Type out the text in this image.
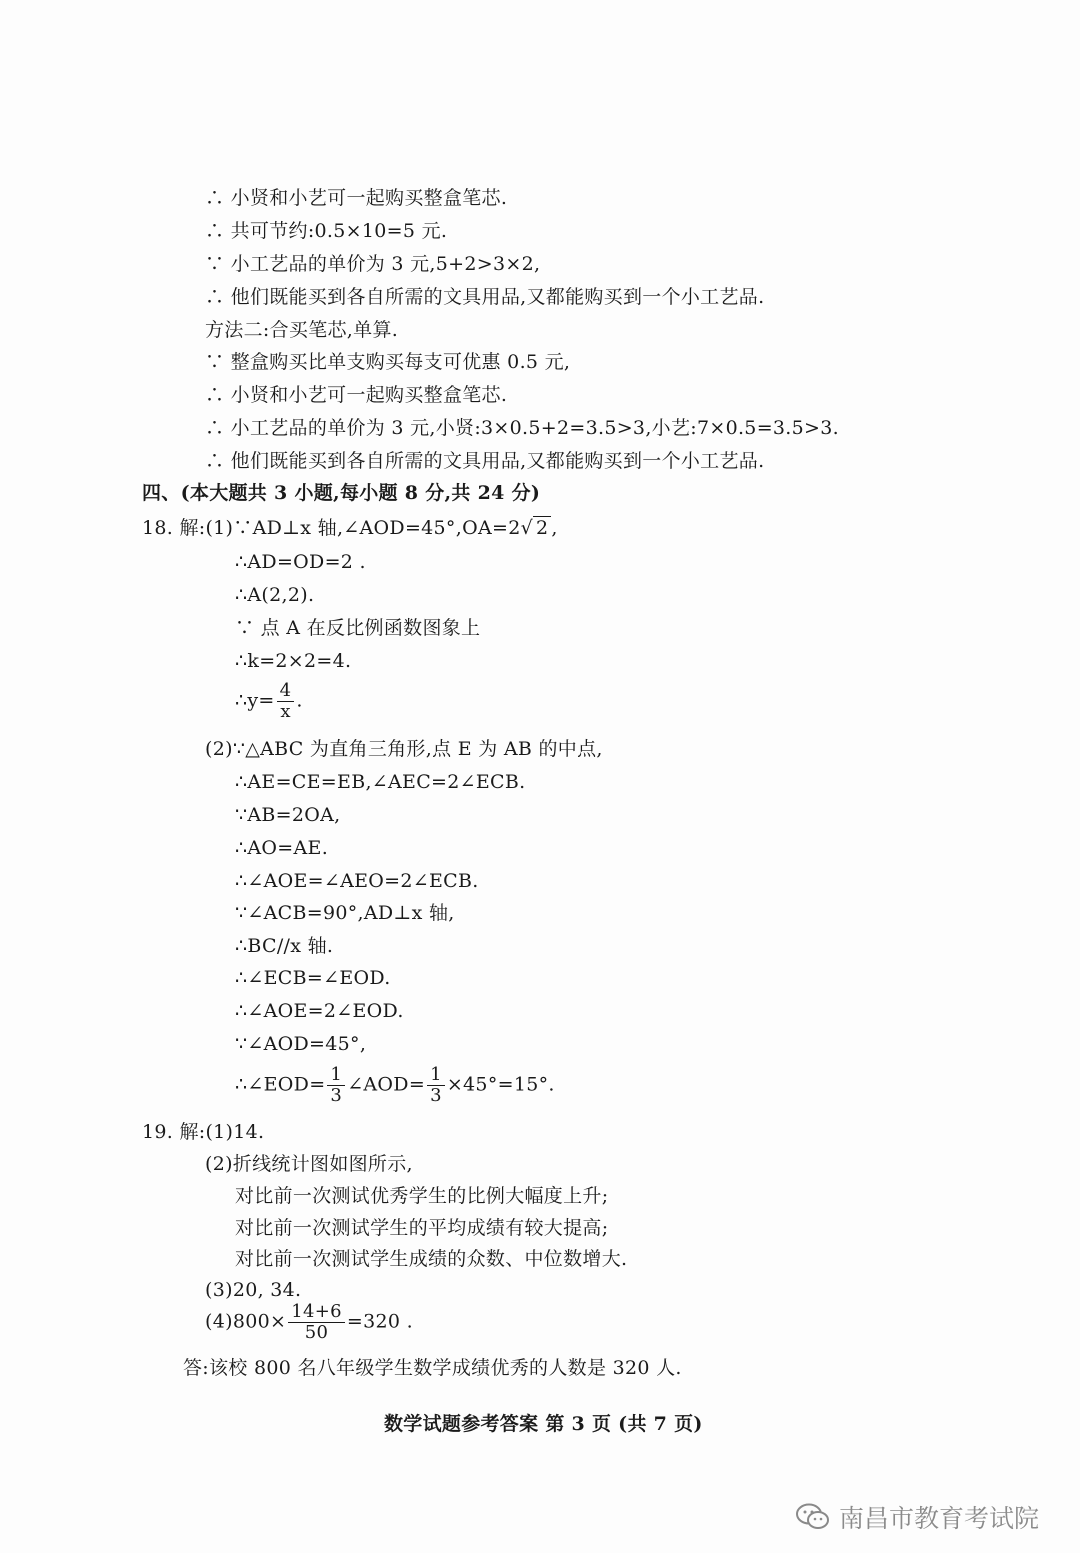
∴ 小贤和小艺可一起购买整盒笔芯.
∴ 共可节约:0.5×10=5 元.
∵ 小工艺品的单价为 3 元,5+2>3×2,
∴ 他们既能买到各自所需的文具用品,又都能购买到一个小工艺品.
方法二:合买笔芯,单算.
∵ 整盒购买比单支购买每支可优惠 0.5 元,
∴ 小贤和小艺可一起购买整盒笔芯.
∴ 小工艺品的单价为 3 元,小贤:3×0.5+2=3.5>3,小艺:7×0.5=3.5>3.
∴ 他们既能买到各自所需的文具用品,又都能购买到一个小工艺品.
四、(本大题共 3 小题,每小题 8 分,共 24 分)
18. 解:(1)∵AD⊥x 轴,∠AOD=45°,OA=2√ 2 ,
∴AD=OD=2 .
∴A(2,2).
∵ 点 A 在反比例函数图象上
∴k=2×2=4.
∴y= $\frac{4}{x}$ .
(2)∵△ABC 为直角三角形,点 E 为 AB 的中点,
∴AE=CE=EB,∠AEC=2∠ECB.
∵AB=2OA,
∴AO=AE.
∴∠AOE=∠AEO=2∠ECB.
∵∠ACB=90°,AD⊥x 轴,
∴BC//x 轴.
∴∠ECB=∠EOD.
∴∠AOE=2∠EOD.
∵∠AOD=45°,
∴∠EOD= $\frac{1}{3}$ ∠AOD= $\frac{1}{3} \times 45^\circ=15^\circ$.
19. 解:(1)14.
(2)折线统计图如图所示,
对比前一次测试优秀学生的比例大幅度上升;
对比前一次测试学生的平均成绩有较大提高;
对比前一次测试学生成绩的众数、中位数增大.
(3)20, 34.
$(4)800\times \frac{14+6}{50} =320$ .
答:该校 800 名八年级学生数学成绩优秀的人数是 320 人.
数学试题参考答案 第 3 页 (共 7 页)
南昌市教育考试院
